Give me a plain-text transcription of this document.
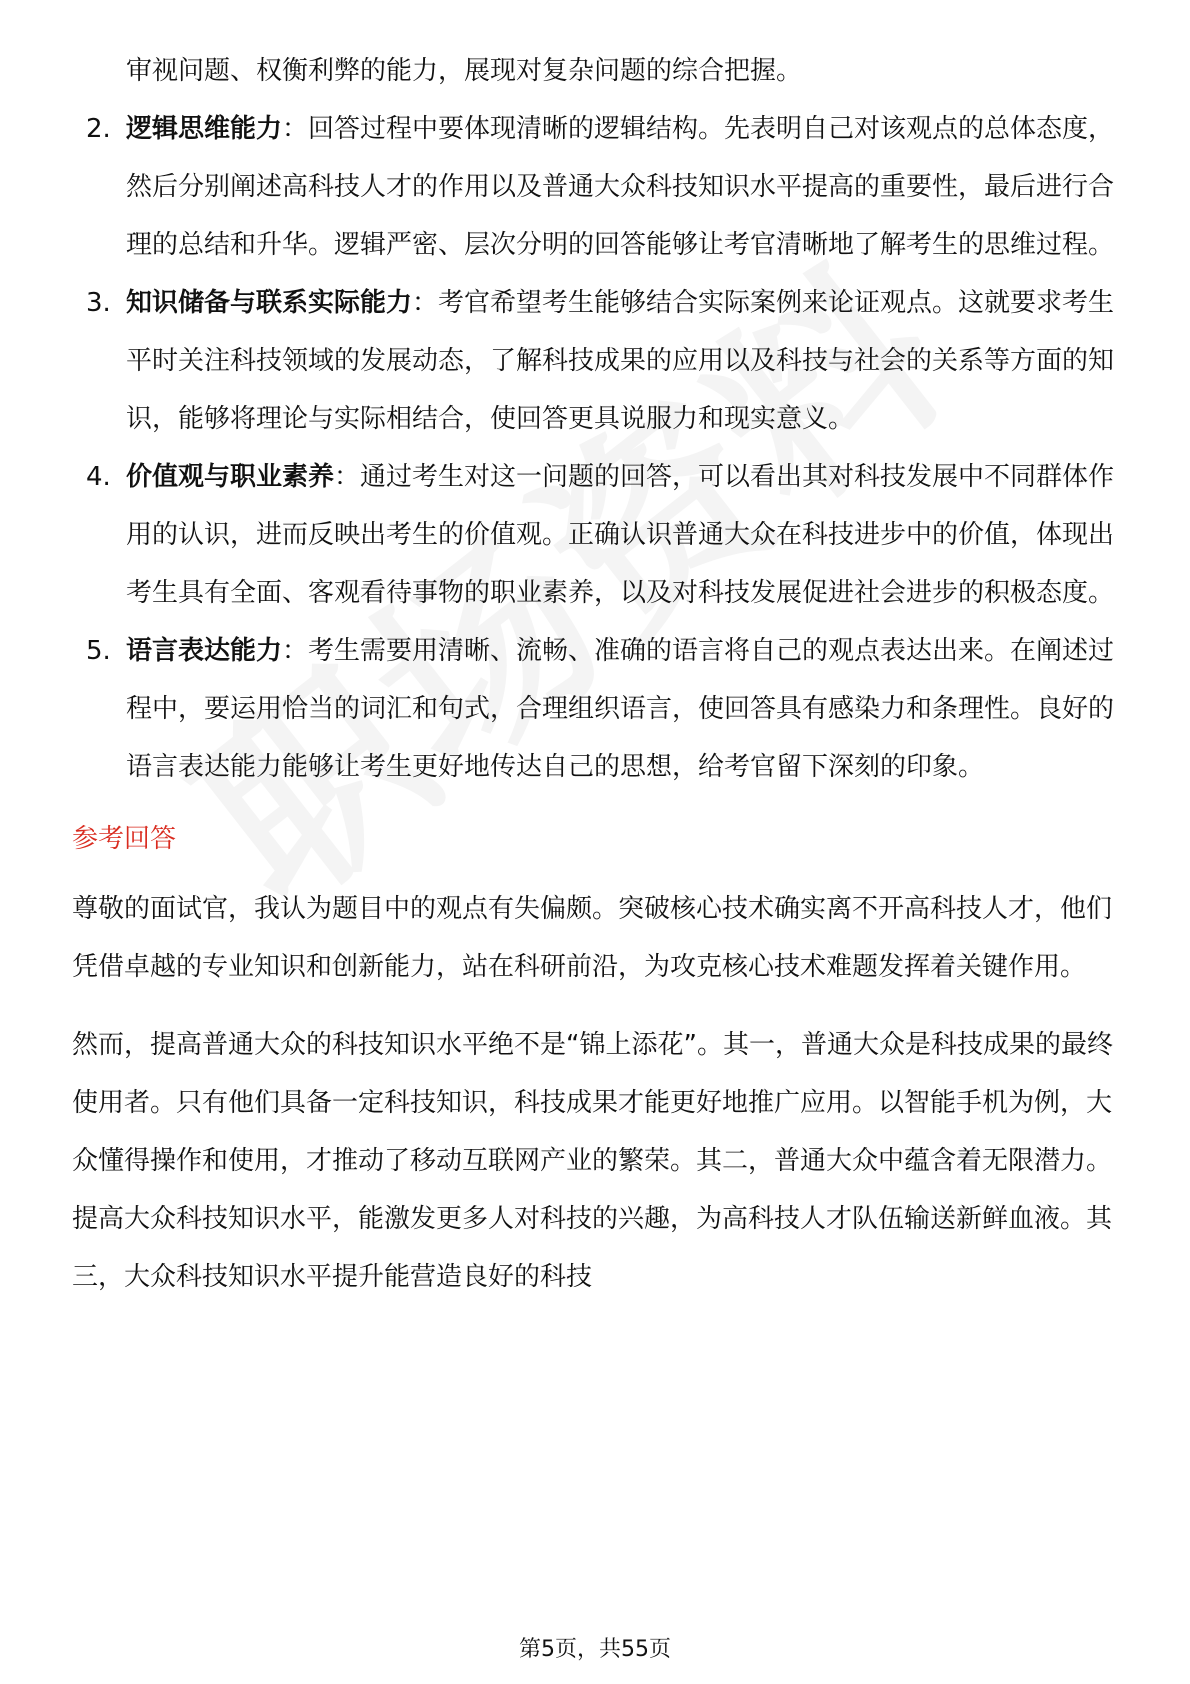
审视问题、权衡利弊的能力，展现对复杂问题的综合把握。

2. 逻辑思维能力：回答过程中要体现清晰的逻辑结构。先表明自己对该观点的总体态度，然后分别阐述高科技人才的作用以及普通大众科技知识水平提高的重要性，最后进行合理的总结和升华。逻辑严密、层次分明的回答能够让考官清晰地了解考生的思维过程。
3. 知识储备与联系实际能力：考官希望考生能够结合实际案例来论证观点。这就要求考生平时关注科技领域的发展动态，了解科技成果的应用以及科技与社会的关系等方面的知识，能够将理论与实际相结合，使回答更具说服力和现实意义。
4. 价值观与职业素养：通过考生对这一问题的回答，可以看出其对科技发展中不同群体作用的认识，进而反映出考生的价值观。正确认识普通大众在科技进步中的价值，体现出考生具有全面、客观看待事物的职业素养，以及对科技发展促进社会进步的积极态度。
5. 语言表达能力：考生需要用清晰、流畅、准确的语言将自己的观点表达出来。在阐述过程中，要运用恰当的词汇和句式，合理组织语言，使回答具有感染力和条理性。良好的语言表达能力能够让考生更好地传达自己的思想，给考官留下深刻的印象。
参考回答

尊敬的面试官，我认为题目中的观点有失偏颇。突破核心技术确实离不开高科技人才，他们凭借卓越的专业知识和创新能力，站在科研前沿，为攻克核心技术难题发挥着关键作用。

然而，提高普通大众的科技知识水平绝不是“锦上添花”。其一，普通大众是科技成果的最终使用者。只有他们具备一定科技知识，科技成果才能更好地推广应用。以智能手机为例，大众懂得操作和使用，才推动了移动互联网产业的繁荣。其二，普通大众中蕴含着无限潜力。提高大众科技知识水平，能激发更多人对科技的兴趣，为高科技人才队伍输送新鲜血液。其三，大众科技知识水平提升能营造良好的科技

第5页，共55页
